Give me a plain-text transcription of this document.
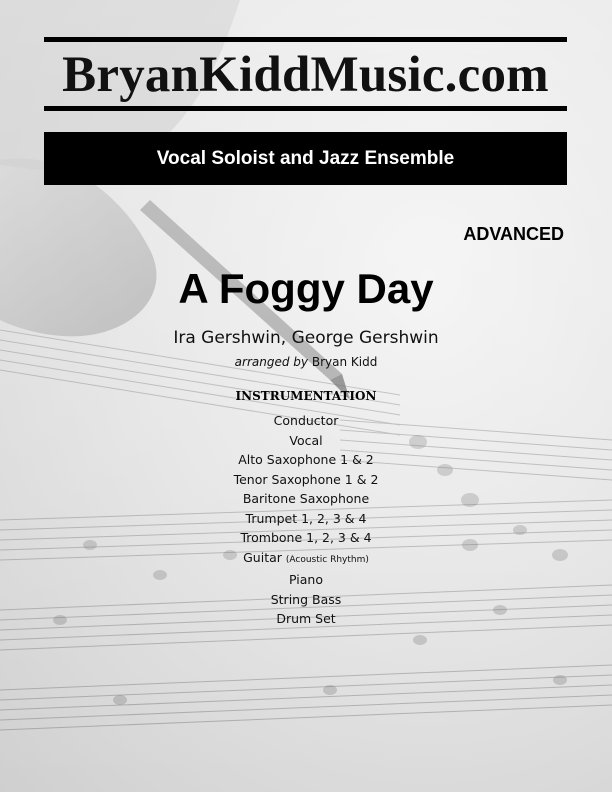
BryanKiddMusic.com
Vocal Soloist and Jazz Ensemble
ADVANCED
A Foggy Day
Ira Gershwin, George Gershwin
arranged by Bryan Kidd
INSTRUMENTATION
Conductor
Vocal
Alto Saxophone 1 & 2
Tenor Saxophone 1 & 2
Baritone Saxophone
Trumpet 1, 2, 3 & 4
Trombone 1, 2, 3 & 4
Guitar (Acoustic Rhythm)
Piano
String Bass
Drum Set
